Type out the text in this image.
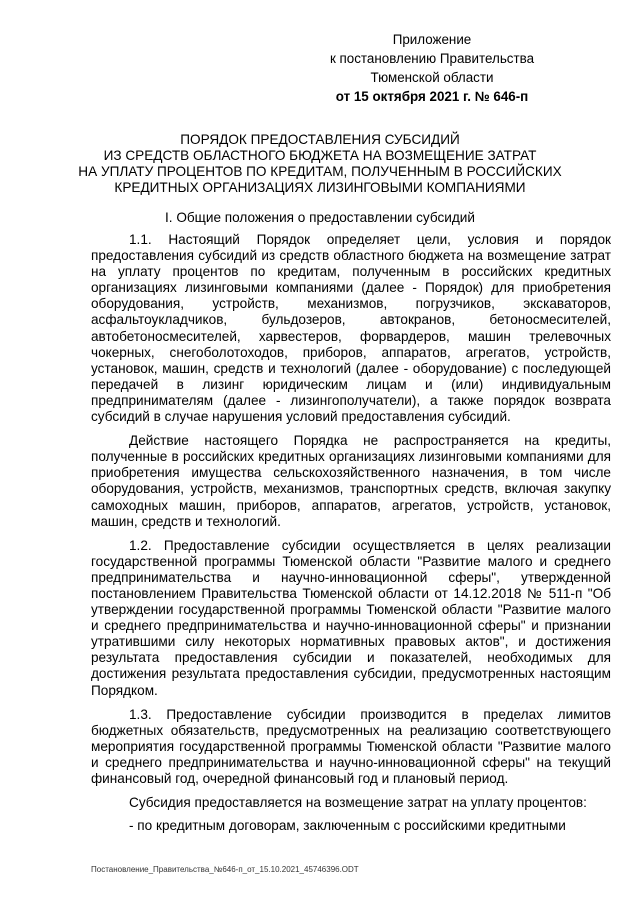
Приложение
к постановлению Правительства
Тюменской области
от 15 октября 2021 г. № 646-п
ПОРЯДОК ПРЕДОСТАВЛЕНИЯ СУБСИДИЙ
ИЗ СРЕДСТВ ОБЛАСТНОГО БЮДЖЕТА НА ВОЗМЕЩЕНИЕ ЗАТРАТ
НА УПЛАТУ ПРОЦЕНТОВ ПО КРЕДИТАМ, ПОЛУЧЕННЫМ В РОССИЙСКИХ
КРЕДИТНЫХ ОРГАНИЗАЦИЯХ ЛИЗИНГОВЫМИ КОМПАНИЯМИ
I. Общие положения о предоставлении субсидий

1.1. Настоящий Порядок определяет цели, условия и порядок предоставления субсидий из средств областного бюджета на возмещение затрат на уплату процентов по кредитам, полученным в российских кредитных организациях лизинговыми компаниями (далее - Порядок) для приобретения оборудования, устройств, механизмов, погрузчиков, экскаваторов, асфальтоукладчиков, бульдозеров, автокранов, бетоносмесителей, автобетоносмесителей, харвестеров, форвардеров, машин трелевочных чокерных, снегоболотоходов, приборов, аппаратов, агрегатов, устройств, установок, машин, средств и технологий (далее - оборудование) с последующей передачей в лизинг юридическим лицам и (или) индивидуальным предпринимателям (далее - лизингополучатели), а также порядок возврата субсидий в случае нарушения условий предоставления субсидий.

Действие настоящего Порядка не распространяется на кредиты, полученные в российских кредитных организациях лизинговыми компаниями для приобретения имущества сельскохозяйственного назначения, в том числе оборудования, устройств, механизмов, транспортных средств, включая закупку самоходных машин, приборов, аппаратов, агрегатов, устройств, установок, машин, средств и технологий.

1.2. Предоставление субсидии осуществляется в целях реализации государственной программы Тюменской области "Развитие малого и среднего предпринимательства и научно-инновационной сферы", утвержденной постановлением Правительства Тюменской области от 14.12.2018 № 511-п "Об утверждении государственной программы Тюменской области "Развитие малого и среднего предпринимательства и научно-инновационной сферы" и признании утратившими силу некоторых нормативных правовых актов", и достижения результата предоставления субсидии и показателей, необходимых для достижения результата предоставления субсидии, предусмотренных настоящим Порядком.

1.3. Предоставление субсидии производится в пределах лимитов бюджетных обязательств, предусмотренных на реализацию соответствующего мероприятия государственной программы Тюменской области "Развитие малого и среднего предпринимательства и научно-инновационной сферы" на текущий финансовый год, очередной финансовый год и плановый период.

Субсидия предоставляется на возмещение затрат на уплату процентов:

- по кредитным договорам, заключенным с российскими кредитными

Постановление_Правительства_№646-п_от_15.10.2021_45746396.ODT
